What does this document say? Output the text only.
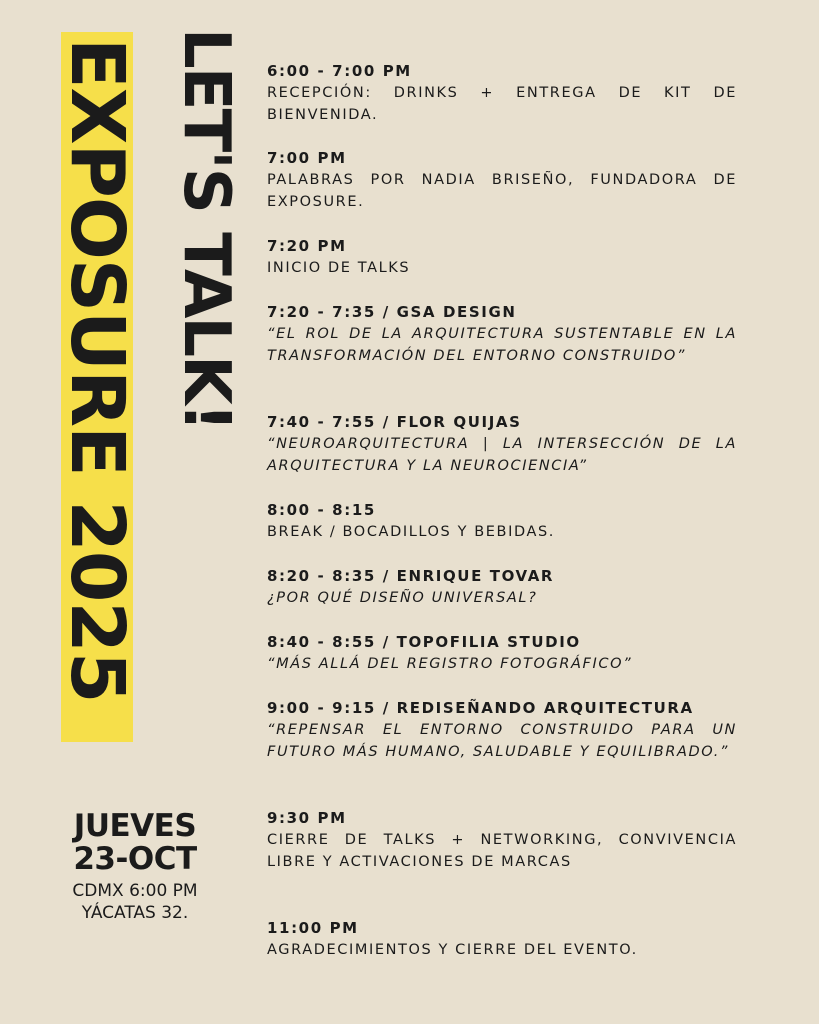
EXPOSURE 2025 LET'S TALK!
JUEVES
23-OCT
CDMX 6:00 PM
YÁCATAS 32.
6:00 - 7:00 PM
RECEPCIÓN: DRINKS + ENTREGA DE KIT DE BIENVENIDA.
7:00 PM
PALABRAS POR NADIA BRISEÑO, FUNDADORA DE EXPOSURE.
7:20 PM
INICIO DE TALKS
7:20 - 7:35 / GSA DESIGN
“EL ROL DE LA ARQUITECTURA SUSTENTABLE EN LA TRANSFORMACIÓN DEL ENTORNO CONSTRUIDO”
7:40 - 7:55 / FLOR QUIJAS
“NEUROARQUITECTURA | LA INTERSECCIÓN DE LA ARQUITECTURA Y LA NEUROCIENCIA”
8:00 - 8:15
BREAK / BOCADILLOS Y BEBIDAS.
8:20 - 8:35 / ENRIQUE TOVAR
¿POR QUÉ DISEÑO UNIVERSAL?
8:40 - 8:55 / TOPOFILIA STUDIO
“MÁS ALLÁ DEL REGISTRO FOTOGRÁFICO”
9:00 - 9:15 / REDISEÑANDO ARQUITECTURA
“REPENSAR EL ENTORNO CONSTRUIDO PARA UN FUTURO MÁS HUMANO, SALUDABLE Y EQUILIBRADO.”
9:30 PM
CIERRE DE TALKS + NETWORKING, CONVIVENCIA LIBRE Y ACTIVACIONES DE MARCAS
11:00 PM
AGRADECIMIENTOS Y CIERRE DEL EVENTO.
